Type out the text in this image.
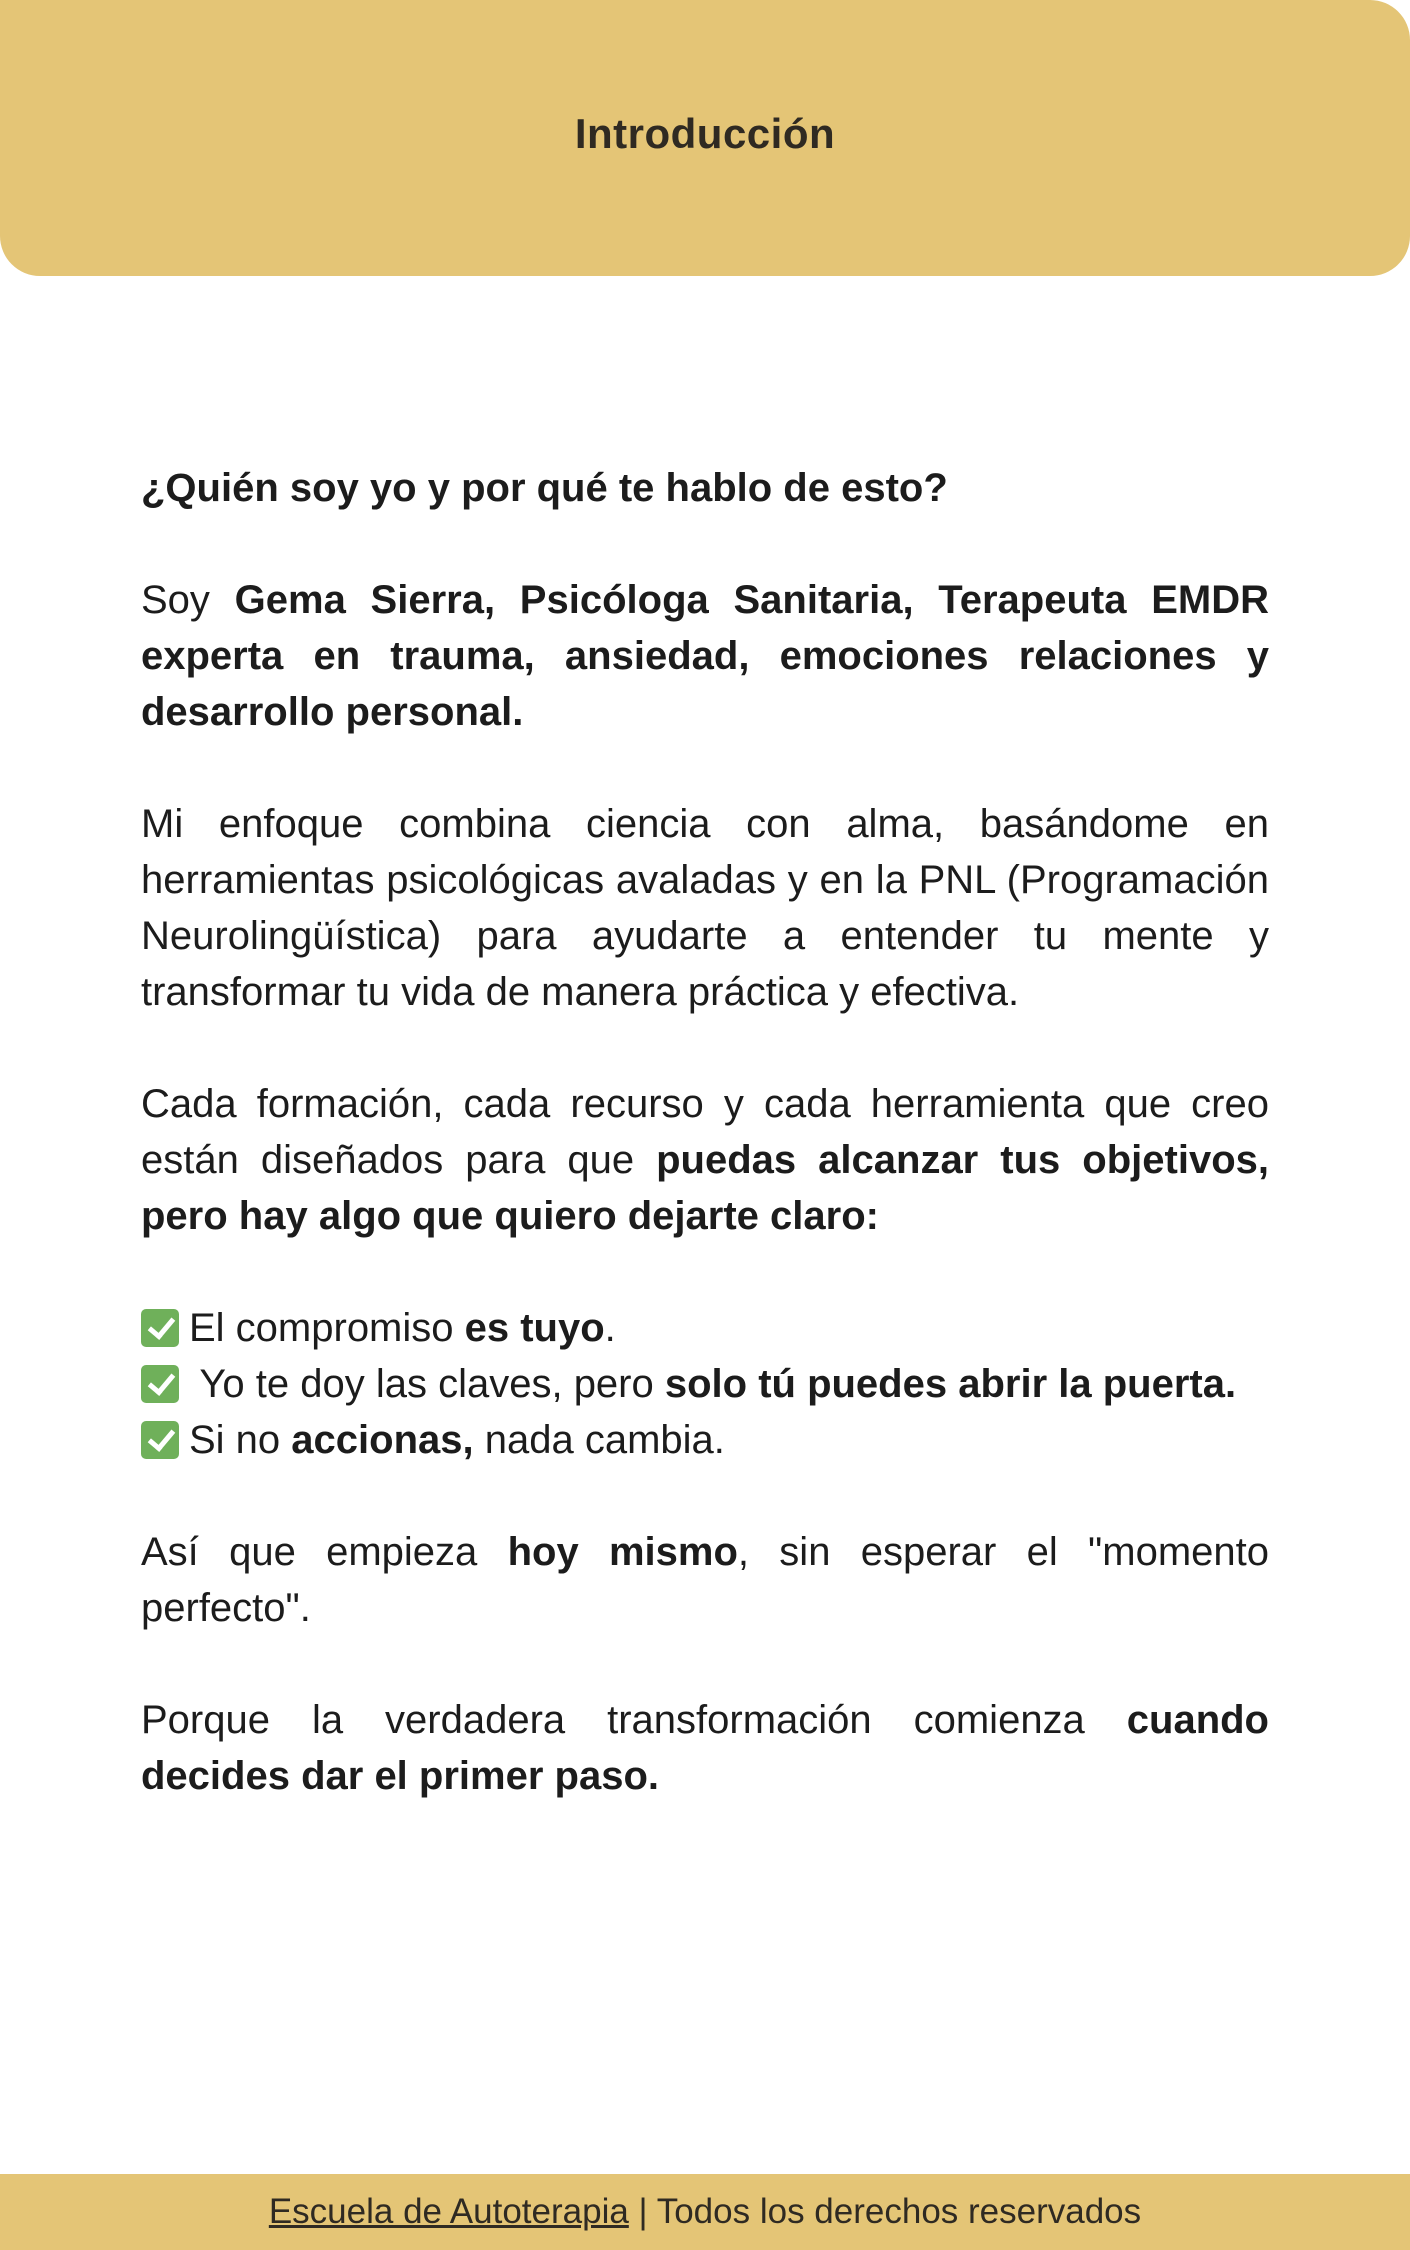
Introducción

¿Quién soy yo y por qué te hablo de esto?

Soy Gema Sierra, Psicóloga Sanitaria, Terapeuta EMDR experta en trauma, ansiedad, emociones relaciones y desarrollo personal.

Mi enfoque combina ciencia con alma, basándome en herramientas psicológicas avaladas y en la PNL (Programación Neurolingüística) para ayudarte a entender tu mente y transformar tu vida de manera práctica y efectiva.

Cada formación, cada recurso y cada herramienta que creo están diseñados para que puedas alcanzar tus objetivos, pero hay algo que quiero dejarte claro:

El compromiso es tuyo.
Yo te doy las claves, pero solo tú puedes abrir la puerta.
Si no accionas, nada cambia.

Así que empieza hoy mismo, sin esperar el "momento perfecto".

Porque la verdadera transformación comienza cuando decides dar el primer paso.

Escuela de Autoterapia | Todos los derechos reservados
